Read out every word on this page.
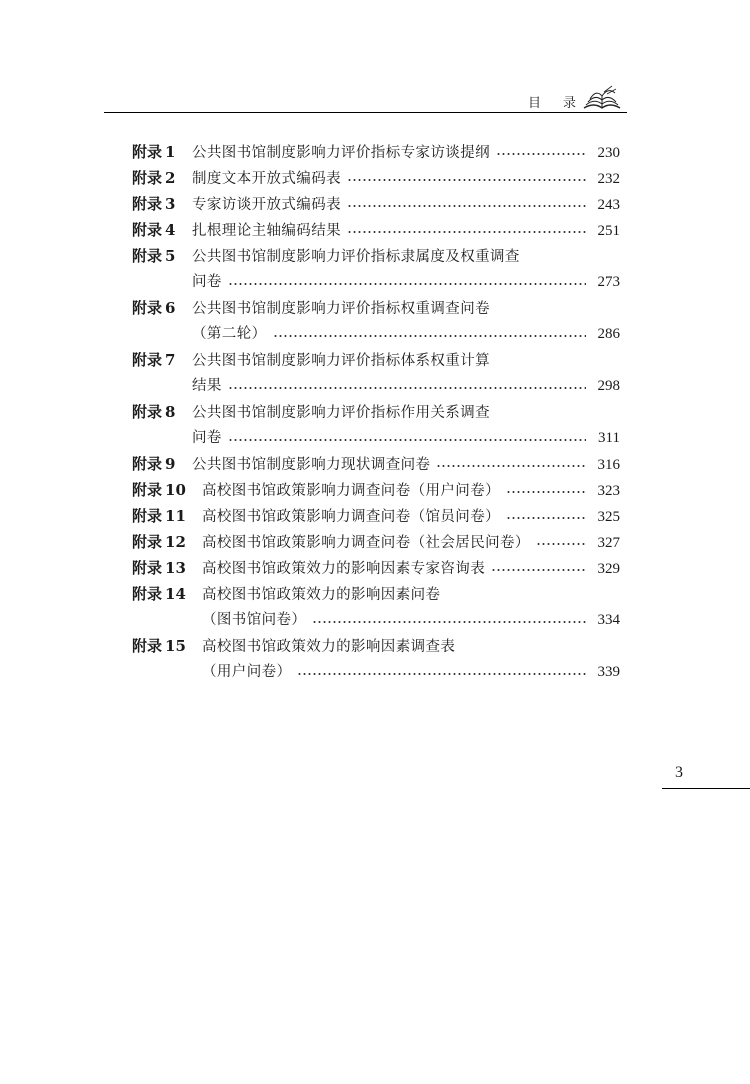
目 录
附录 1	公共图书馆制度影响力评价指标专家访谈提纲	230
附录 2	制度文本开放式编码表	232
附录 3	专家访谈开放式编码表	243
附录 4	扎根理论主轴编码结果	251
附录 5	公共图书馆制度影响力评价指标隶属度及权重调查
问卷	273
附录 6	公共图书馆制度影响力评价指标权重调查问卷
（第二轮）	286
附录 7	公共图书馆制度影响力评价指标体系权重计算
结果	298
附录 8	公共图书馆制度影响力评价指标作用关系调查
问卷	311
附录 9	公共图书馆制度影响力现状调查问卷	316
附录 10	高校图书馆政策影响力调查问卷（用户问卷）	323
附录 11	高校图书馆政策影响力调查问卷（馆员问卷）	325
附录 12	高校图书馆政策影响力调查问卷（社会居民问卷）	327
附录 13	高校图书馆政策效力的影响因素专家咨询表	329
附录 14	高校图书馆政策效力的影响因素问卷
（图书馆问卷）	334
附录 15	高校图书馆政策效力的影响因素调查表
（用户问卷）	339
3
